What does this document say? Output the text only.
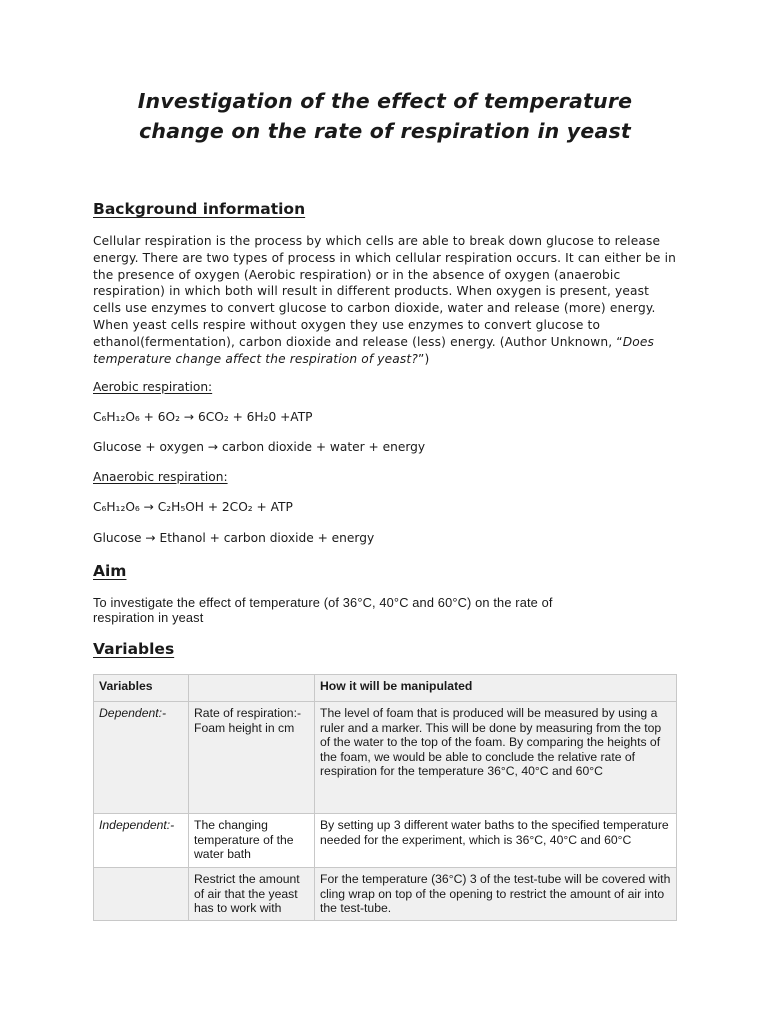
Investigation of the effect of temperature change on the rate of respiration in yeast
Background information
Cellular respiration is the process by which cells are able to break down glucose to release energy. There are two types of process in which cellular respiration occurs. It can either be in the presence of oxygen (Aerobic respiration) or in the absence of oxygen (anaerobic respiration) in which both will result in different products. When oxygen is present, yeast cells use enzymes to convert glucose to carbon dioxide, water and release (more) energy. When yeast cells respire without oxygen they use enzymes to convert glucose to ethanol(fermentation), carbon dioxide and release (less) energy. (Author Unknown, “Does temperature change affect the respiration of yeast?”)
Aerobic respiration:
C₆H₁₂O₆ + 6O₂ → 6CO₂ + 6H₂0 +ATP
Glucose + oxygen → carbon dioxide + water + energy
Anaerobic respiration:
C₆H₁₂O₆ → C₂H₅OH + 2CO₂ + ATP
Glucose → Ethanol + carbon dioxide + energy
Aim
To investigate the effect of temperature (of 36°C, 40°C and 60°C) on the rate of respiration in yeast
Variables
Variables		How it will be manipulated
Dependent:-	Rate of respiration:- Foam height in cm	The level of foam that is produced will be measured by using a ruler and a marker. This will be done by measuring from the top of the water to the top of the foam. By comparing the heights of the foam, we would be able to conclude the relative rate of respiration for the temperature 36°C, 40°C and 60°C
Independent:-	The changing temperature of the water bath	By setting up 3 different water baths to the specified temperature needed for the experiment, which is 36°C, 40°C and 60°C
	Restrict the amount of air that the yeast has to work with	For the temperature (36°C) 3 of the test-tube will be covered with cling wrap on top of the opening to restrict the amount of air into the test-tube.
